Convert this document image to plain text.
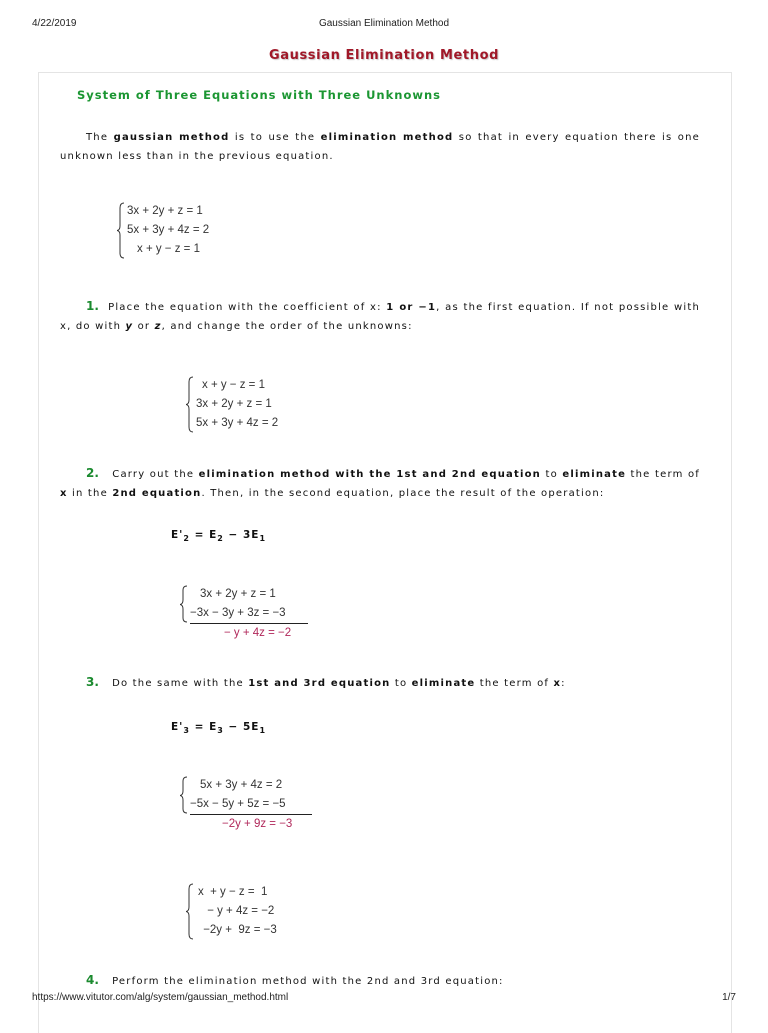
4/22/2019	Gaussian Elimination Method
Gaussian Elimination Method
System of Three Equations with Three Unknowns
The gaussian method is to use the elimination method so that in every equation there is one unknown less than in the previous equation.
3x + 2y + z = 1
5x + 3y + 4z = 2
x + y − z = 1
1. Place the equation with the coefficient of x: 1 or −1, as the first equation. If not possible with x, do with y or z, and change the order of the unknowns:
x + y − z = 1
3x + 2y + z = 1
5x + 3y + 4z = 2
2. Carry out the elimination method with the 1st and 2nd equation to eliminate the term of x in the 2nd equation. Then, in the second equation, place the result of the operation:
$E'_2 = E_2 - 3E_1$
3x + 2y + z = 1
−3x − 3y + 3z = −3
− y + 4z = −2
3. Do the same with the 1st and 3rd equation to eliminate the term of x:
$E'_3 = E_3 - 5E_1$
5x + 3y + 4z = 2
−5x − 5y + 5z = −5
−2y + 9z = −3
x  + y − z =  1
− y + 4z = −2
−2y +  9z = −3
4. Perform the elimination method with the 2nd and 3rd equation:
https://www.vitutor.com/alg/system/gaussian_method.html	1/7
